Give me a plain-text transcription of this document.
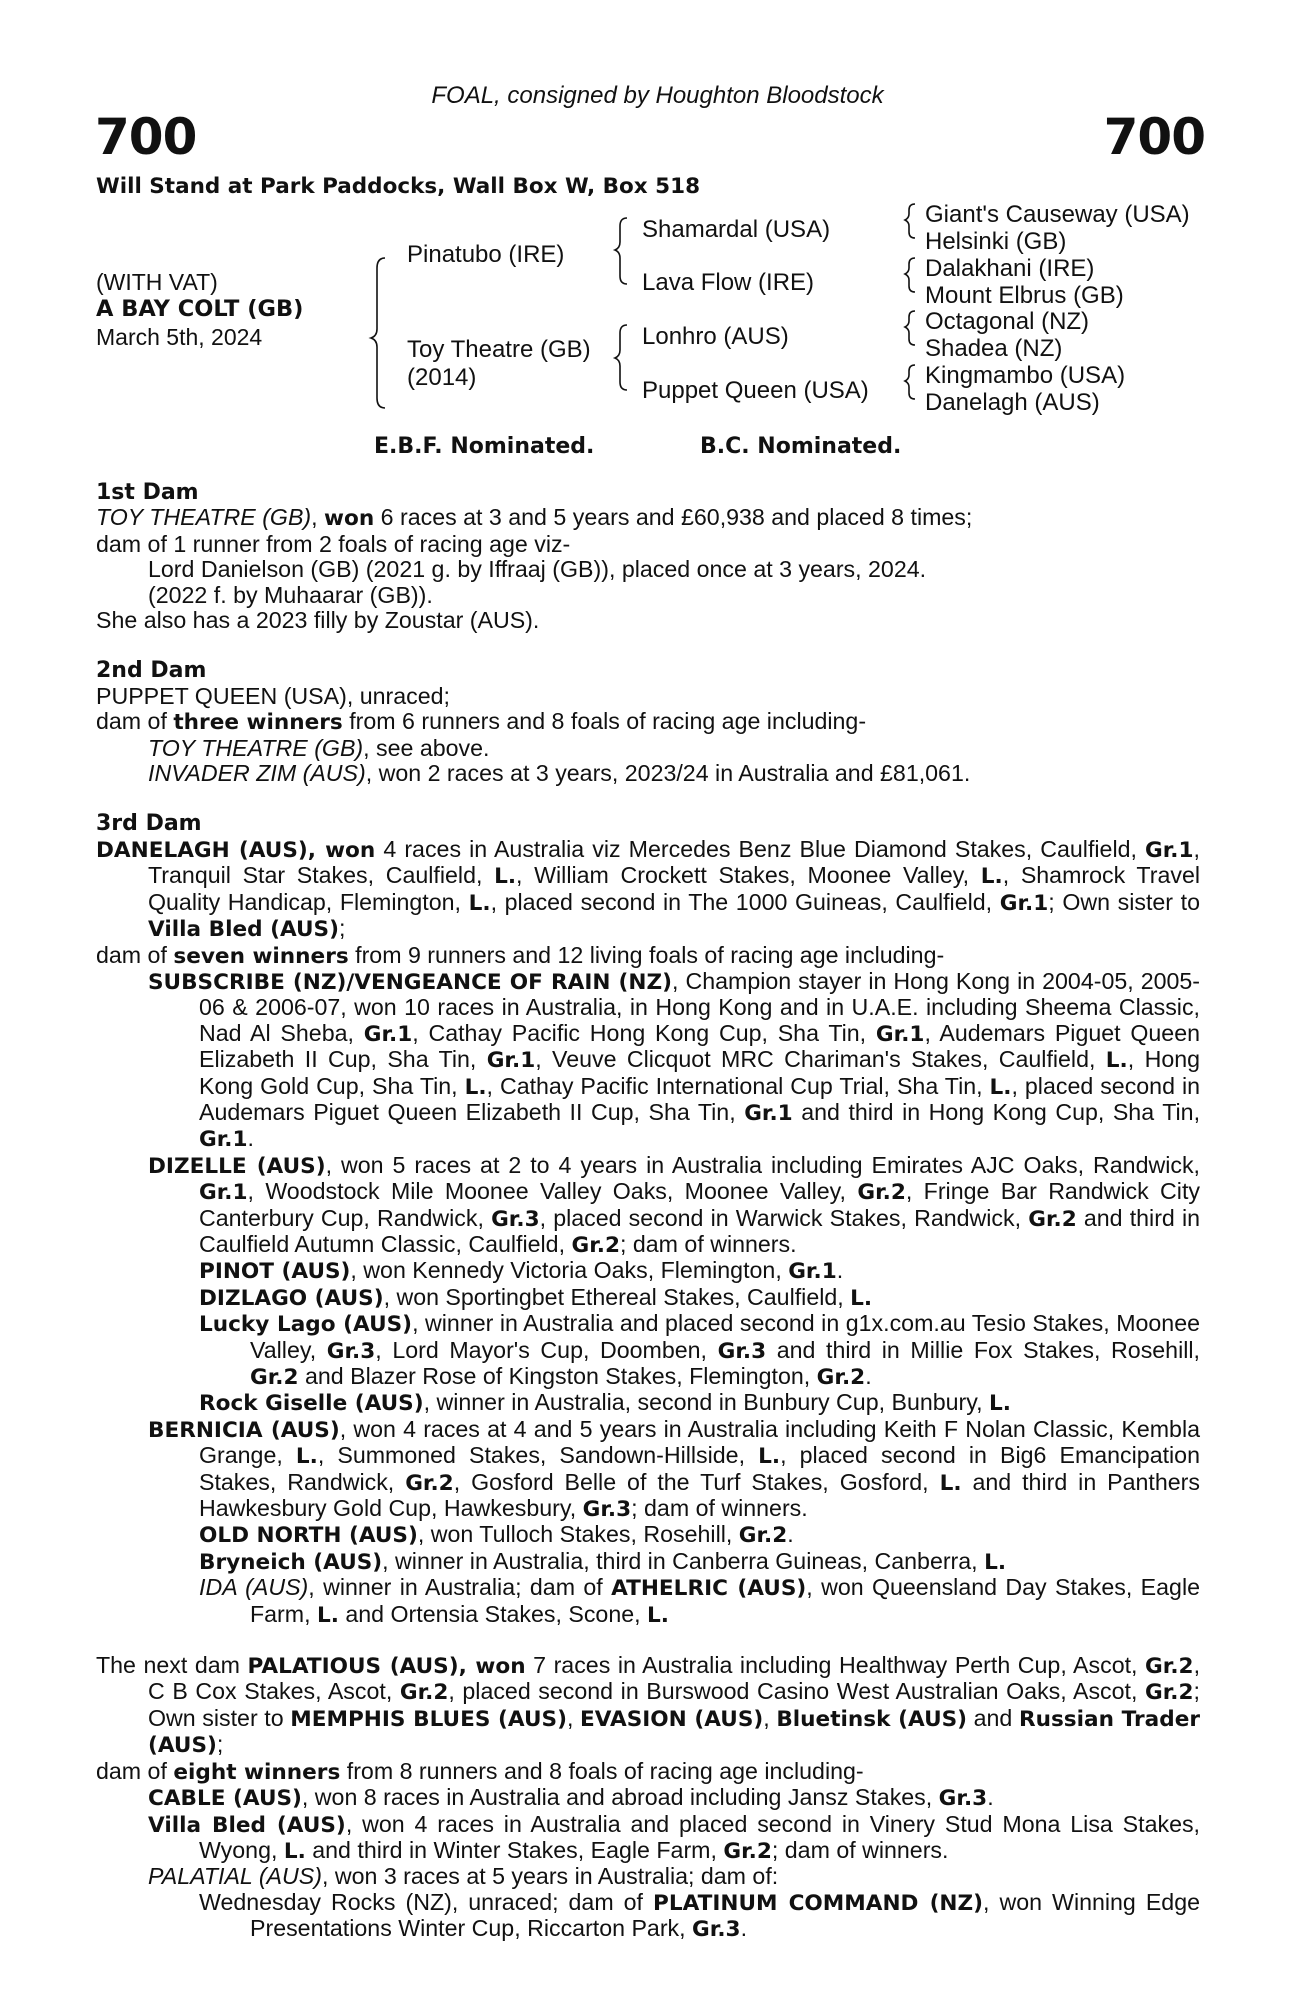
FOAL, consigned by Houghton Bloodstock
700	700
Will Stand at Park Paddocks, Wall Box W, Box 518
(WITH VAT)
A BAY COLT (GB)
March 5th, 2024
Pinatubo (IRE)
Toy Theatre (GB)
(2014)
Shamardal (USA)
Lava Flow (IRE)
Lonhro (AUS)
Puppet Queen (USA)
Giant's Causeway (USA)
Helsinki (GB)
Dalakhani (IRE)
Mount Elbrus (GB)
Octagonal (NZ)
Shadea (NZ)
Kingmambo (USA)
Danelagh (AUS)
E.B.F. Nominated.	B.C. Nominated.
1st Dam
TOY THEATRE (GB), won 6 races at 3 and 5 years and £60,938 and placed 8 times;
dam of 1 runner from 2 foals of racing age viz-
Lord Danielson (GB) (2021 g. by Iffraaj (GB)), placed once at 3 years, 2024.
(2022 f. by Muhaarar (GB)).
She also has a 2023 filly by Zoustar (AUS).
2nd Dam
PUPPET QUEEN (USA), unraced;
dam of three winners from 6 runners and 8 foals of racing age including-
TOY THEATRE (GB), see above.
INVADER ZIM (AUS), won 2 races at 3 years, 2023/24 in Australia and £81,061.
3rd Dam
DANELAGH (AUS), won 4 races in Australia viz Mercedes Benz Blue Diamond Stakes, Caulfield, Gr.1, Tranquil Star Stakes, Caulfield, L., William Crockett Stakes, Moonee Valley, L., Shamrock Travel Quality Handicap, Flemington, L., placed second in The 1000 Guineas, Caulfield, Gr.1; Own sister to Villa Bled (AUS);
dam of seven winners from 9 runners and 12 living foals of racing age including-
SUBSCRIBE (NZ)/VENGEANCE OF RAIN (NZ), Champion stayer in Hong Kong in 2004-05, 2005-06 & 2006-07, won 10 races in Australia, in Hong Kong and in U.A.E. including Sheema Classic, Nad Al Sheba, Gr.1, Cathay Pacific Hong Kong Cup, Sha Tin, Gr.1, Audemars Piguet Queen Elizabeth II Cup, Sha Tin, Gr.1, Veuve Clicquot MRC Chariman's Stakes, Caulfield, L., Hong Kong Gold Cup, Sha Tin, L., Cathay Pacific International Cup Trial, Sha Tin, L., placed second in Audemars Piguet Queen Elizabeth II Cup, Sha Tin, Gr.1 and third in Hong Kong Cup, Sha Tin, Gr.1.
DIZELLE (AUS), won 5 races at 2 to 4 years in Australia including Emirates AJC Oaks, Randwick, Gr.1, Woodstock Mile Moonee Valley Oaks, Moonee Valley, Gr.2, Fringe Bar Randwick City Canterbury Cup, Randwick, Gr.3, placed second in Warwick Stakes, Randwick, Gr.2 and third in Caulfield Autumn Classic, Caulfield, Gr.2; dam of winners.
PINOT (AUS), won Kennedy Victoria Oaks, Flemington, Gr.1.
DIZLAGO (AUS), won Sportingbet Ethereal Stakes, Caulfield, L.
Lucky Lago (AUS), winner in Australia and placed second in g1x.com.au Tesio Stakes, Moonee Valley, Gr.3, Lord Mayor's Cup, Doomben, Gr.3 and third in Millie Fox Stakes, Rosehill, Gr.2 and Blazer Rose of Kingston Stakes, Flemington, Gr.2.
Rock Giselle (AUS), winner in Australia, second in Bunbury Cup, Bunbury, L.
BERNICIA (AUS), won 4 races at 4 and 5 years in Australia including Keith F Nolan Classic, Kembla Grange, L., Summoned Stakes, Sandown-Hillside, L., placed second in Big6 Emancipation Stakes, Randwick, Gr.2, Gosford Belle of the Turf Stakes, Gosford, L. and third in Panthers Hawkesbury Gold Cup, Hawkesbury, Gr.3; dam of winners.
OLD NORTH (AUS), won Tulloch Stakes, Rosehill, Gr.2.
Bryneich (AUS), winner in Australia, third in Canberra Guineas, Canberra, L.
IDA (AUS), winner in Australia; dam of ATHELRIC (AUS), won Queensland Day Stakes, Eagle Farm, L. and Ortensia Stakes, Scone, L.
The next dam PALATIOUS (AUS), won 7 races in Australia including Healthway Perth Cup, Ascot, Gr.2, C B Cox Stakes, Ascot, Gr.2, placed second in Burswood Casino West Australian Oaks, Ascot, Gr.2; Own sister to MEMPHIS BLUES (AUS), EVASION (AUS), Bluetinsk (AUS) and Russian Trader (AUS);
dam of eight winners from 8 runners and 8 foals of racing age including-
CABLE (AUS), won 8 races in Australia and abroad including Jansz Stakes, Gr.3.
Villa Bled (AUS), won 4 races in Australia and placed second in Vinery Stud Mona Lisa Stakes, Wyong, L. and third in Winter Stakes, Eagle Farm, Gr.2; dam of winners.
PALATIAL (AUS), won 3 races at 5 years in Australia; dam of:
Wednesday Rocks (NZ), unraced; dam of PLATINUM COMMAND (NZ), won Winning Edge Presentations Winter Cup, Riccarton Park, Gr.3.
